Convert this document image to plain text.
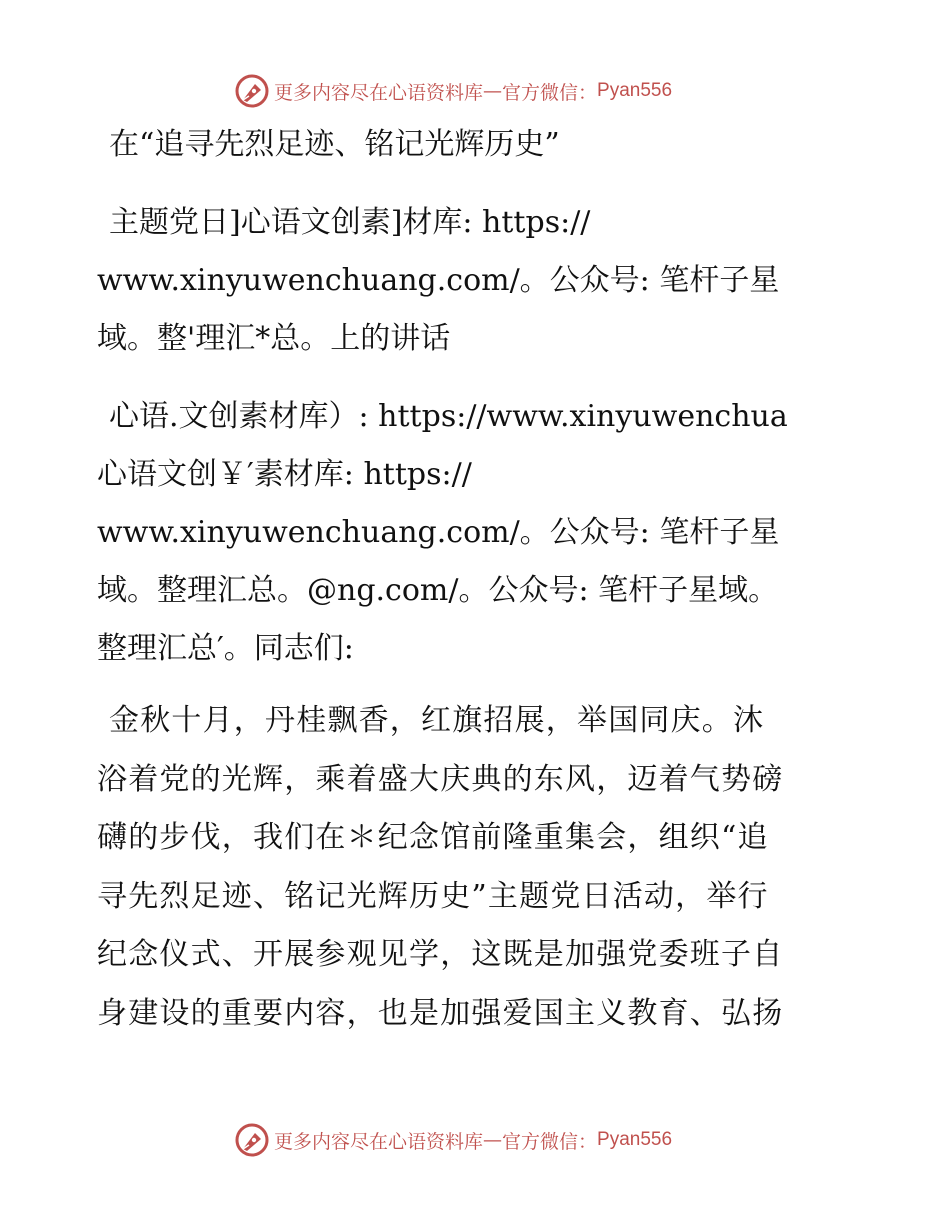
更多内容尽在心语资料库 — 官方微信： Pyan556

在“追寻先烈足迹、铭记光辉历史”

主题党日]心语文创素]材库: https://
www.xinyuwenchuang.com/。公众号: 笔杆子星
域。整'理汇*总。上的讲话

心语.文创素材库）: https://www.xinyuwenchua
心语文创￥′素材库: https://
www.xinyuwenchuang.com/。公众号: 笔杆子星
域。整理汇总。@ng.com/。公众号: 笔杆子星域。
整理汇总′。同志们:

金秋十月，丹桂飘香，红旗招展，举国同庆。沐
浴着党的光辉，乘着盛大庆典的东风，迈着气势磅
礴的步伐，我们在＊纪念馆前隆重集会，组织“追
寻先烈足迹、铭记光辉历史”主题党日活动，举行
纪念仪式、开展参观见学，这既是加强党委班子自
身建设的重要内容，也是加强爱国主义教育、弘扬

更多内容尽在心语资料库 — 官方微信： Pyan556
